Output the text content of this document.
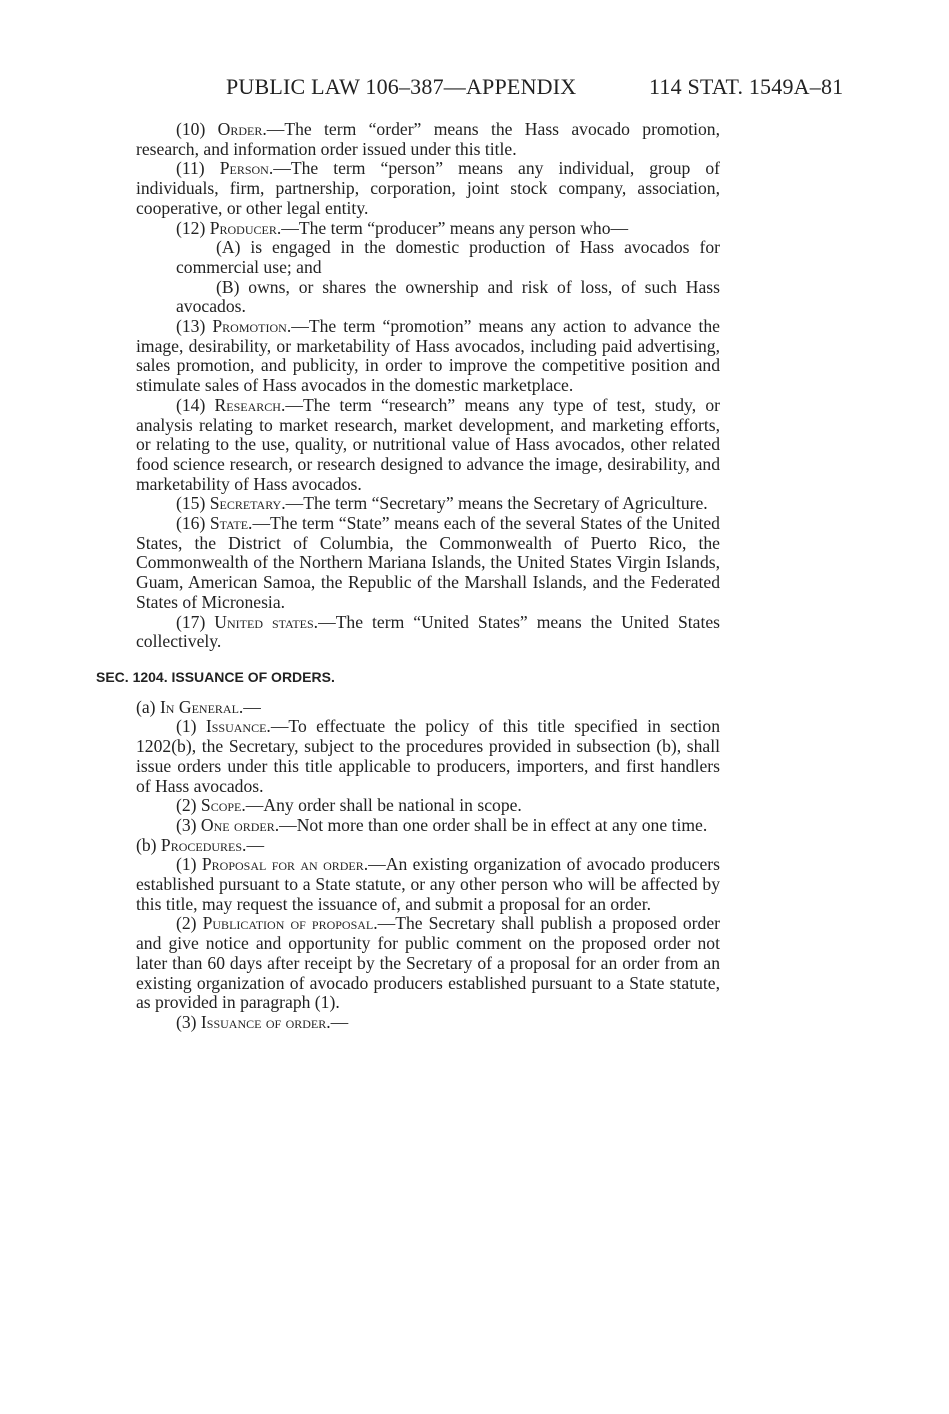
PUBLIC LAW 106–387—APPENDIX	114 STAT. 1549A–81

(10) Order.—The term “order” means the Hass avocado promotion, research, and information order issued under this title.

(11) Person.—The term “person” means any individual, group of individuals, firm, partnership, corporation, joint stock company, association, cooperative, or other legal entity.

(12) Producer.—The term “producer” means any person who—

(A) is engaged in the domestic production of Hass avocados for commercial use; and

(B) owns, or shares the ownership and risk of loss, of such Hass avocados.

(13) Promotion.—The term “promotion” means any action to advance the image, desirability, or marketability of Hass avocados, including paid advertising, sales promotion, and publicity, in order to improve the competitive position and stimulate sales of Hass avocados in the domestic marketplace.

(14) Research.—The term “research” means any type of test, study, or analysis relating to market research, market development, and marketing efforts, or relating to the use, quality, or nutritional value of Hass avocados, other related food science research, or research designed to advance the image, desirability, and marketability of Hass avocados.

(15) Secretary.—The term “Secretary” means the Secretary of Agriculture.

(16) State.—The term “State” means each of the several States of the United States, the District of Columbia, the Commonwealth of Puerto Rico, the Commonwealth of the Northern Mariana Islands, the United States Virgin Islands, Guam, American Samoa, the Republic of the Marshall Islands, and the Federated States of Micronesia.

(17) United states.—The term “United States” means the United States collectively.

SEC. 1204. ISSUANCE OF ORDERS.

(a) In General.—

(1) Issuance.—To effectuate the policy of this title specified in section 1202(b), the Secretary, subject to the procedures provided in subsection (b), shall issue orders under this title applicable to producers, importers, and first handlers of Hass avocados.

(2) Scope.—Any order shall be national in scope.

(3) One order.—Not more than one order shall be in effect at any one time.

(b) Procedures.—

(1) Proposal for an order.—An existing organization of avocado producers established pursuant to a State statute, or any other person who will be affected by this title, may request the issuance of, and submit a proposal for an order.

(2) Publication of proposal.—The Secretary shall publish a proposed order and give notice and opportunity for public comment on the proposed order not later than 60 days after receipt by the Secretary of a proposal for an order from an existing organization of avocado producers established pursuant to a State statute, as provided in paragraph (1).

(3) Issuance of order.—
